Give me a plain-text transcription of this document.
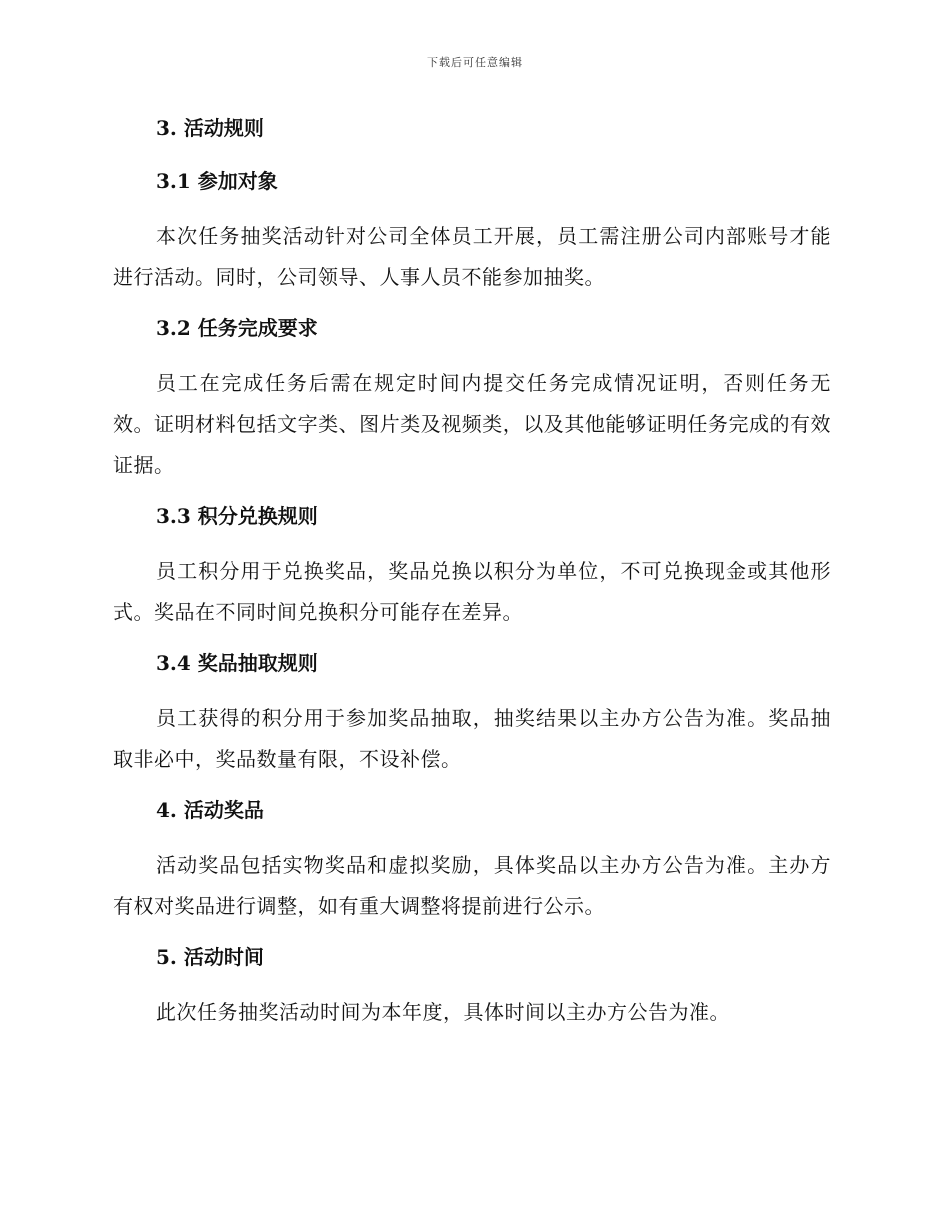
下载后可任意编辑
3. 活动规则
3.1 参加对象

本次任务抽奖活动针对公司全体员工开展，员工需注册公司内部账号才能进行活动。同时，公司领导、人事人员不能参加抽奖。

3.2 任务完成要求

员工在完成任务后需在规定时间内提交任务完成情况证明，否则任务无效。证明材料包括文字类、图片类及视频类，以及其他能够证明任务完成的有效证据。

3.3 积分兑换规则

员工积分用于兑换奖品，奖品兑换以积分为单位，不可兑换现金或其他形式。奖品在不同时间兑换积分可能存在差异。

3.4 奖品抽取规则

员工获得的积分用于参加奖品抽取，抽奖结果以主办方公告为准。奖品抽取非必中，奖品数量有限，不设补偿。

4. 活动奖品

活动奖品包括实物奖品和虚拟奖励，具体奖品以主办方公告为准。主办方有权对奖品进行调整，如有重大调整将提前进行公示。

5. 活动时间

此次任务抽奖活动时间为本年度，具体时间以主办方公告为准。
